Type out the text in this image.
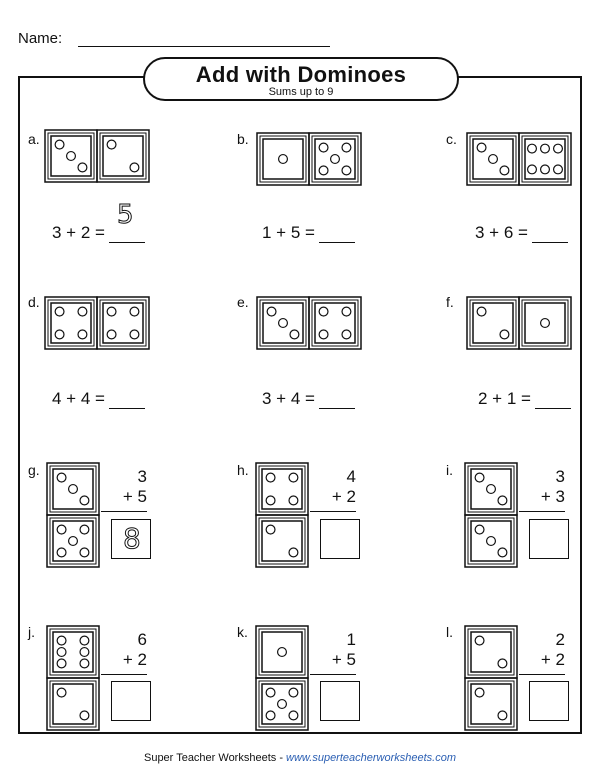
Name:
Add with Dominoes
Sums up to 9
a.	b.	c.
3 + 2 =
5
1 + 5 =	3 + 6 =
d.	e.	f.
4 + 4 =	3 + 4 =	2 + 1 =
g.	h.	i.
3
+ 5
4
+ 2
3
+ 3
8
j.	k.	l.
6
+ 2
1
+ 5
2
+ 2
Super Teacher Worksheets - www.superteacherworksheets.com
